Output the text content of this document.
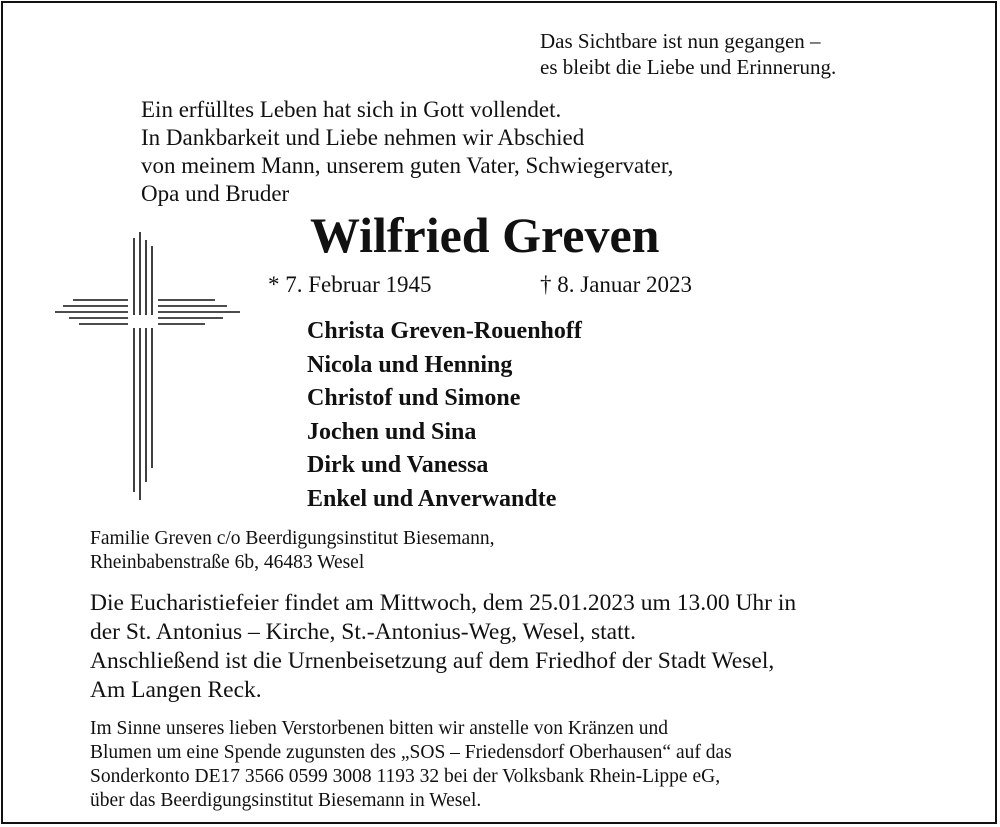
Das Sichtbare ist nun gegangen –
es bleibt die Liebe und Erinnerung.
Ein erfülltes Leben hat sich in Gott vollendet.
In Dankbarkeit und Liebe nehmen wir Abschied
von meinem Mann, unserem guten Vater, Schwiegervater,
Opa und Bruder
Wilfried Greven
* 7. Februar 1945	† 8. Januar 2023
Christa Greven-Rouenhoff
Nicola und Henning
Christof und Simone
Jochen und Sina
Dirk und Vanessa
Enkel und Anverwandte
Familie Greven c/o Beerdigungsinstitut Biesemann,
Rheinbabenstraße 6b, 46483 Wesel
Die Eucharistiefeier findet am Mittwoch, dem 25.01.2023 um 13.00 Uhr in
der St. Antonius – Kirche, St.-Antonius-Weg, Wesel, statt.
Anschließend ist die Urnenbeisetzung auf dem Friedhof der Stadt Wesel,
Am Langen Reck.
Im Sinne unseres lieben Verstorbenen bitten wir anstelle von Kränzen und
Blumen um eine Spende zugunsten des „SOS – Friedensdorf Oberhausen“ auf das
Sonderkonto DE17 3566 0599 3008 1193 32 bei der Volksbank Rhein-Lippe eG,
über das Beerdigungsinstitut Biesemann in Wesel.
